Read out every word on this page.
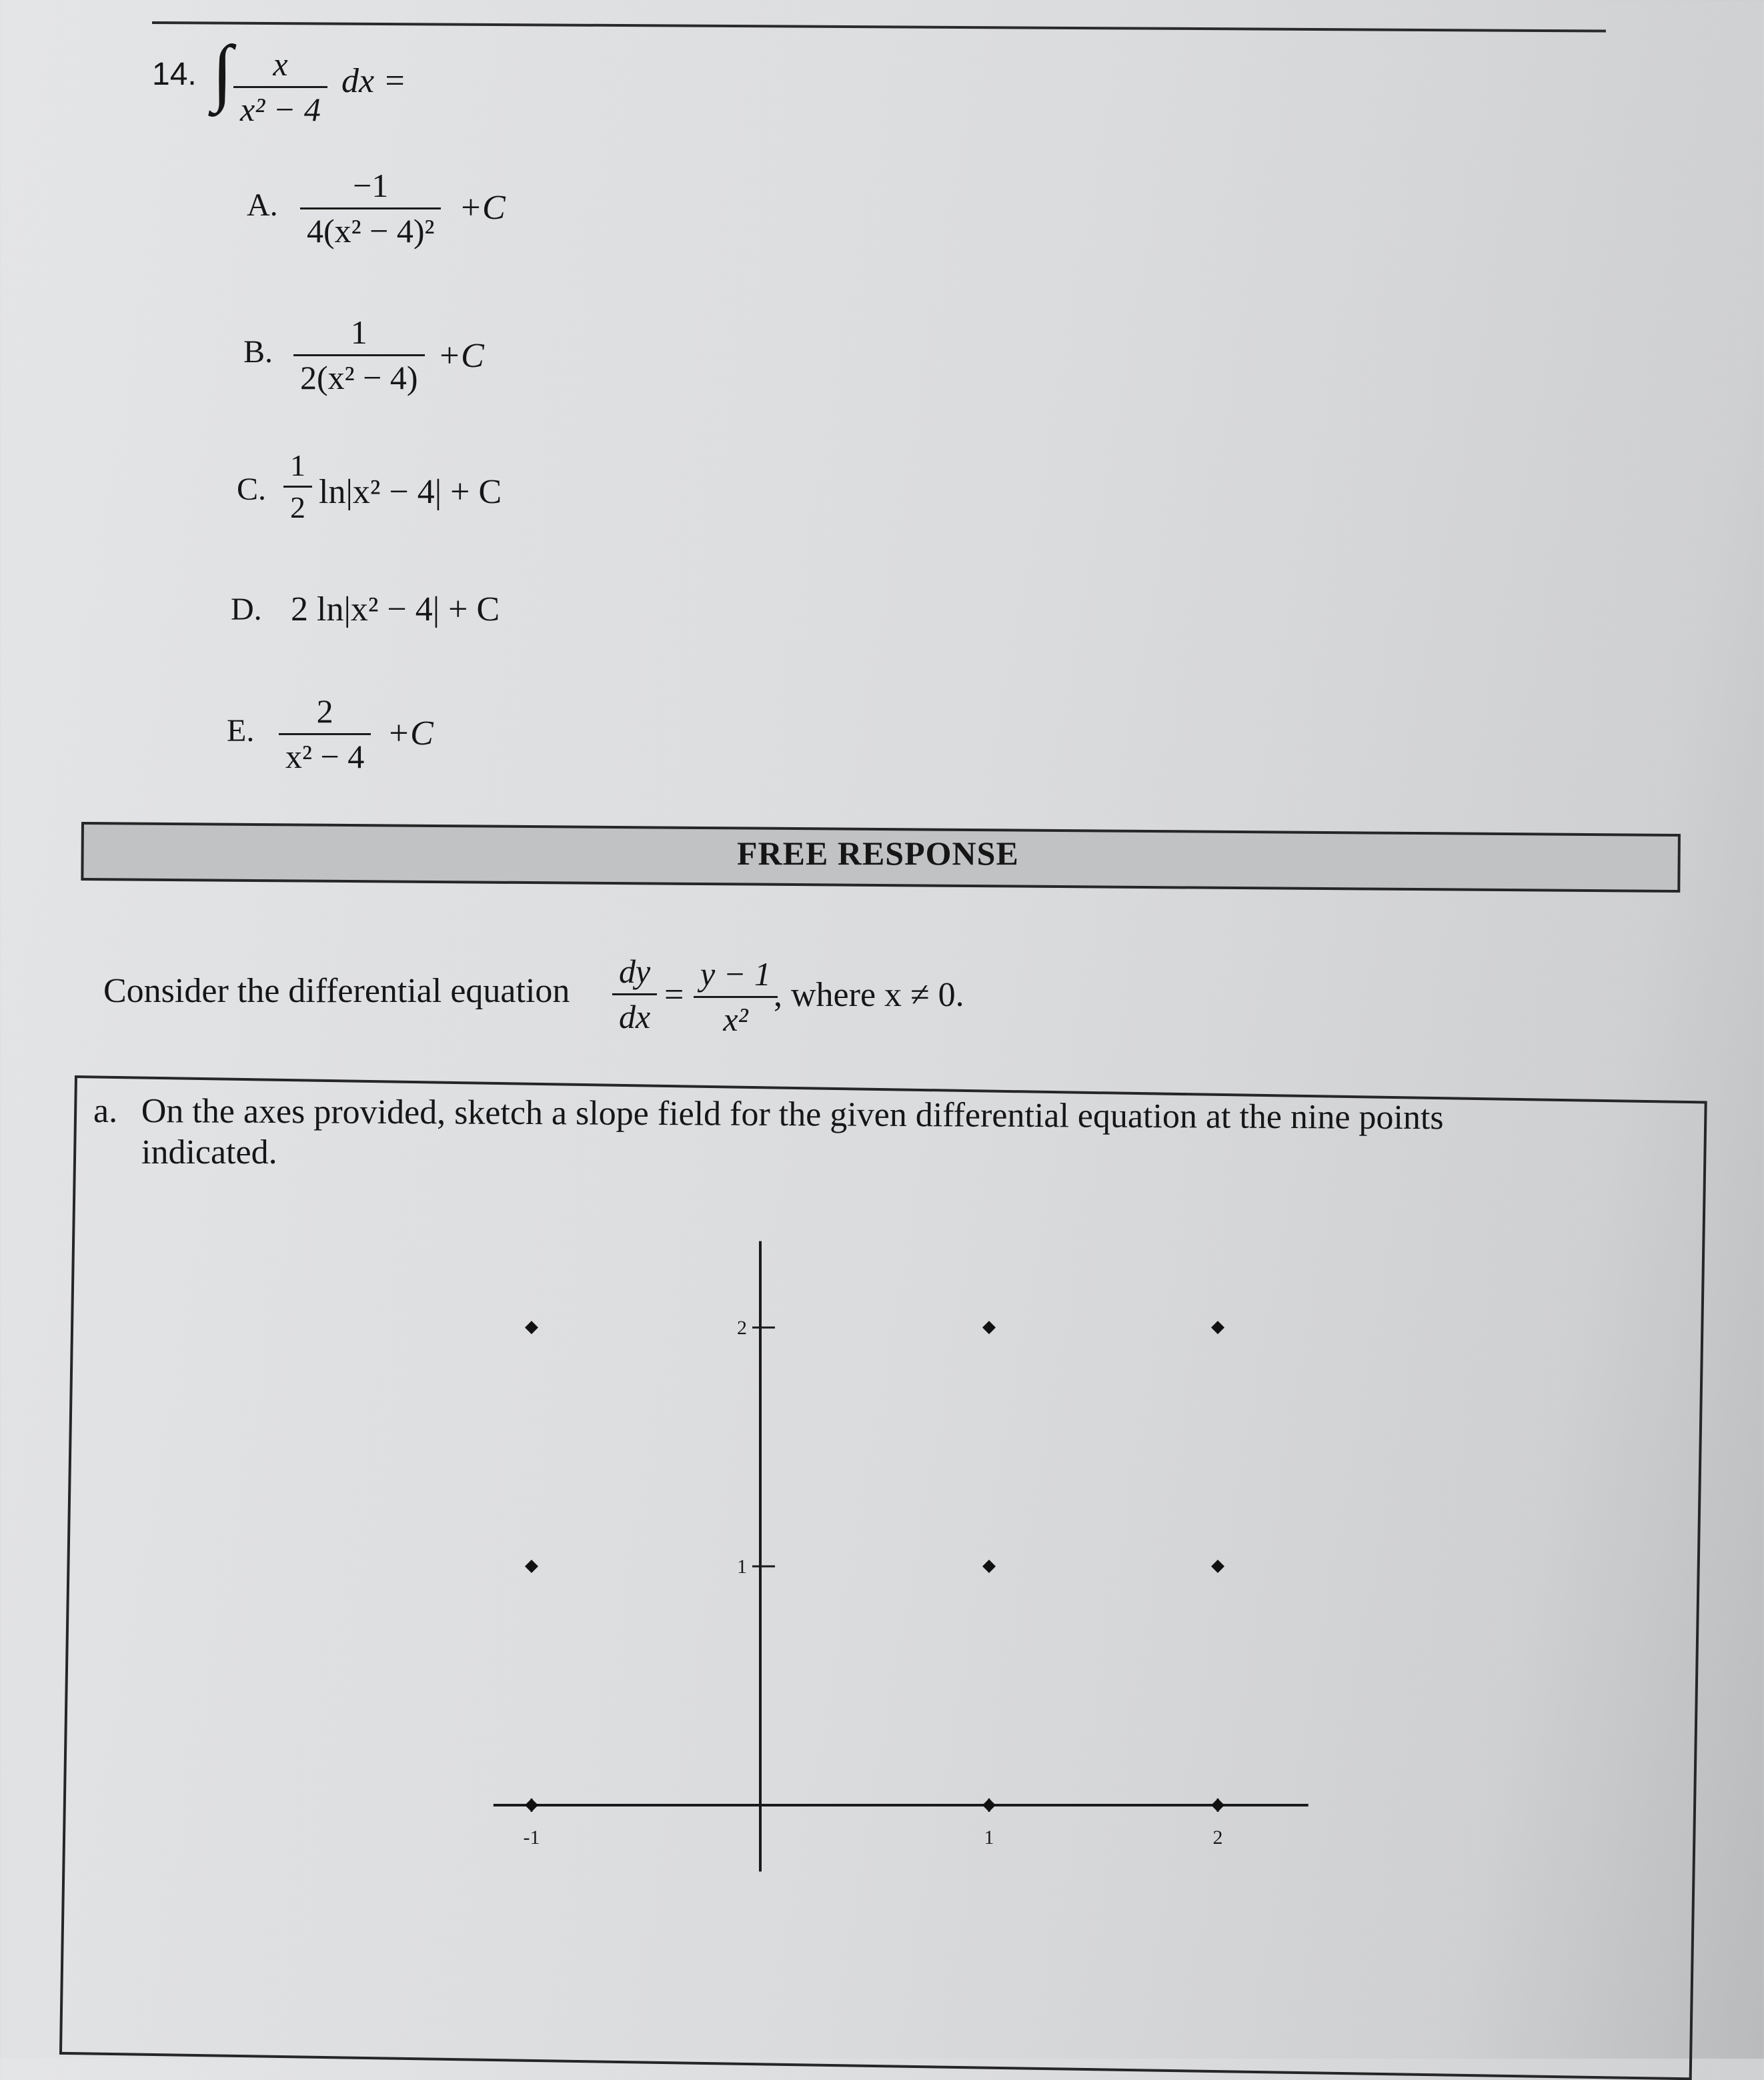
14. ∫ x
x² − 4
dx =
A.
−1
4(x² − 4)²
+C
B.
1
2(x² − 4)
+C
C.
1
2 ln|x² − 4| + C
D. 2 ln|x² − 4| + C
E.
2
x² − 4
+C
FREE RESPONSE
Consider the differential equation
dy
dx
=
y − 1
x²
, where x ≠ 0.
a. On the axes provided, sketch a slope field for the given differential equation at the nine points
indicated.
-1	1	2
1
2
